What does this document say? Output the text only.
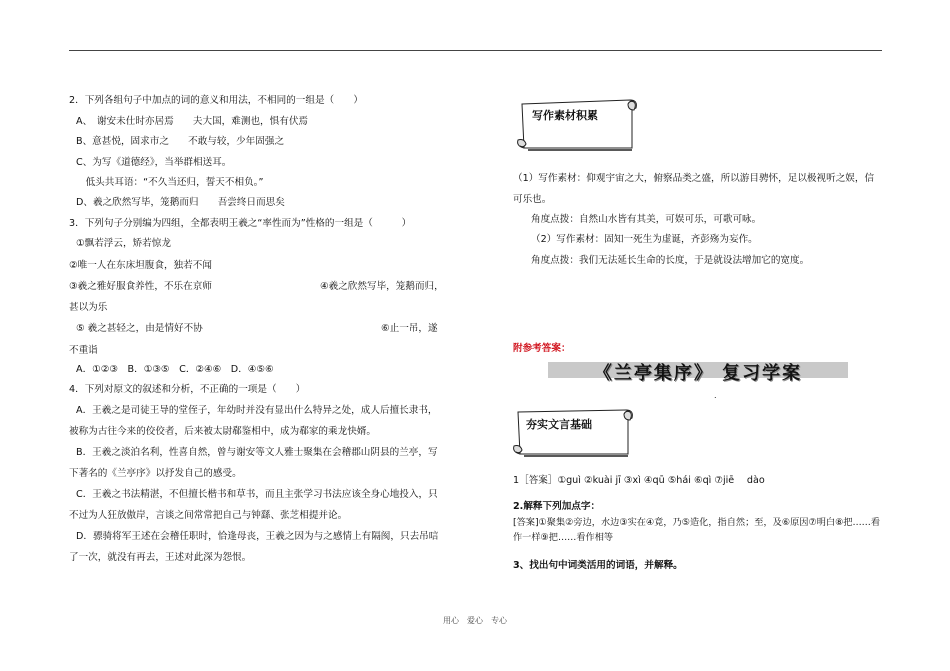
2．下列各组句子中加点的词的意义和用法，不相同的一组是（　　）
A、　谢安未仕时亦居焉　　夫大国，难测也，惧有伏焉
B、意甚悦，固求市之　　不敢与较，少年固强之
C、为写《道德经》，当举群相送耳。
　低头共耳语：“不久当还归，誓天不相负。”
D、羲之欣然写毕，笼鹅而归　　吾尝终日而思矣
3．下列句子分别编为四组，全都表明王羲之“率性而为”性格的一组是（　　　）
①飘若浮云，矫若惊龙
②唯一人在东床坦腹食，独若不闻
③羲之雅好服食养性，不乐在京师	④羲之欣然写毕，笼鹅而归，
甚以为乐
⑤ 羲之甚轻之，由是情好不协	⑥止一吊，遂
不重诣
A．①②③　B．①③⑤　C．②④⑥　D．④⑤⑥
4．下列对原文的叙述和分析，不正确的一项是（　　）
A．王羲之是司徒王导的堂侄子，年幼时并没有显出什么特异之处，成人后擅长隶书，
被称为古往今来的佼佼者，后来被太尉郗鉴相中，成为郗家的乘龙快婿。
B．王羲之淡泊名利，性喜自然，曾与谢安等文人雅士聚集在会稽郡山阴县的兰亭，写
下著名的《兰亭序》以抒发自己的感受。
C．王羲之书法精湛，不但擅长楷书和草书，而且主张学习书法应该全身心地投入，只
不过为人狂放傲岸，言谈之间常常把自己与钟繇、张芝相提并论。
D．骠骑将军王述在会稽任职时，恰逢母丧，王羲之因为与之感情上有隔阂，只去吊唁
了一次，就没有再去，王述对此深为怨恨。
写作素材积累
（1）写作素材：仰观宇宙之大，俯察品类之盛，所以游目骋怀，足以极视听之娱，信
可乐也。
角度点拨：自然山水皆有其美，可娱可乐，可歌可咏。
（2）写作素材：固知一死生为虚诞，齐彭殇为妄作。
角度点拨：我们无法延长生命的长度，于是就设法增加它的宽度。
附参考答案：
《兰亭集序》 复习学案
.
夯实文言基础
1［答案］①guì ②kuài jī ③xì ④qū ⑤hái ⑥qì ⑦jiē　 dào
2.解释下列加点字：
[答案]①聚集②旁边，水边③实在④竟，乃⑤造化，指自然；至，及⑥原因⑦明白⑧把……看
作一样⑨把……看作相等
3、找出句中词类活用的词语，并解释。
用心　爱心　专心
